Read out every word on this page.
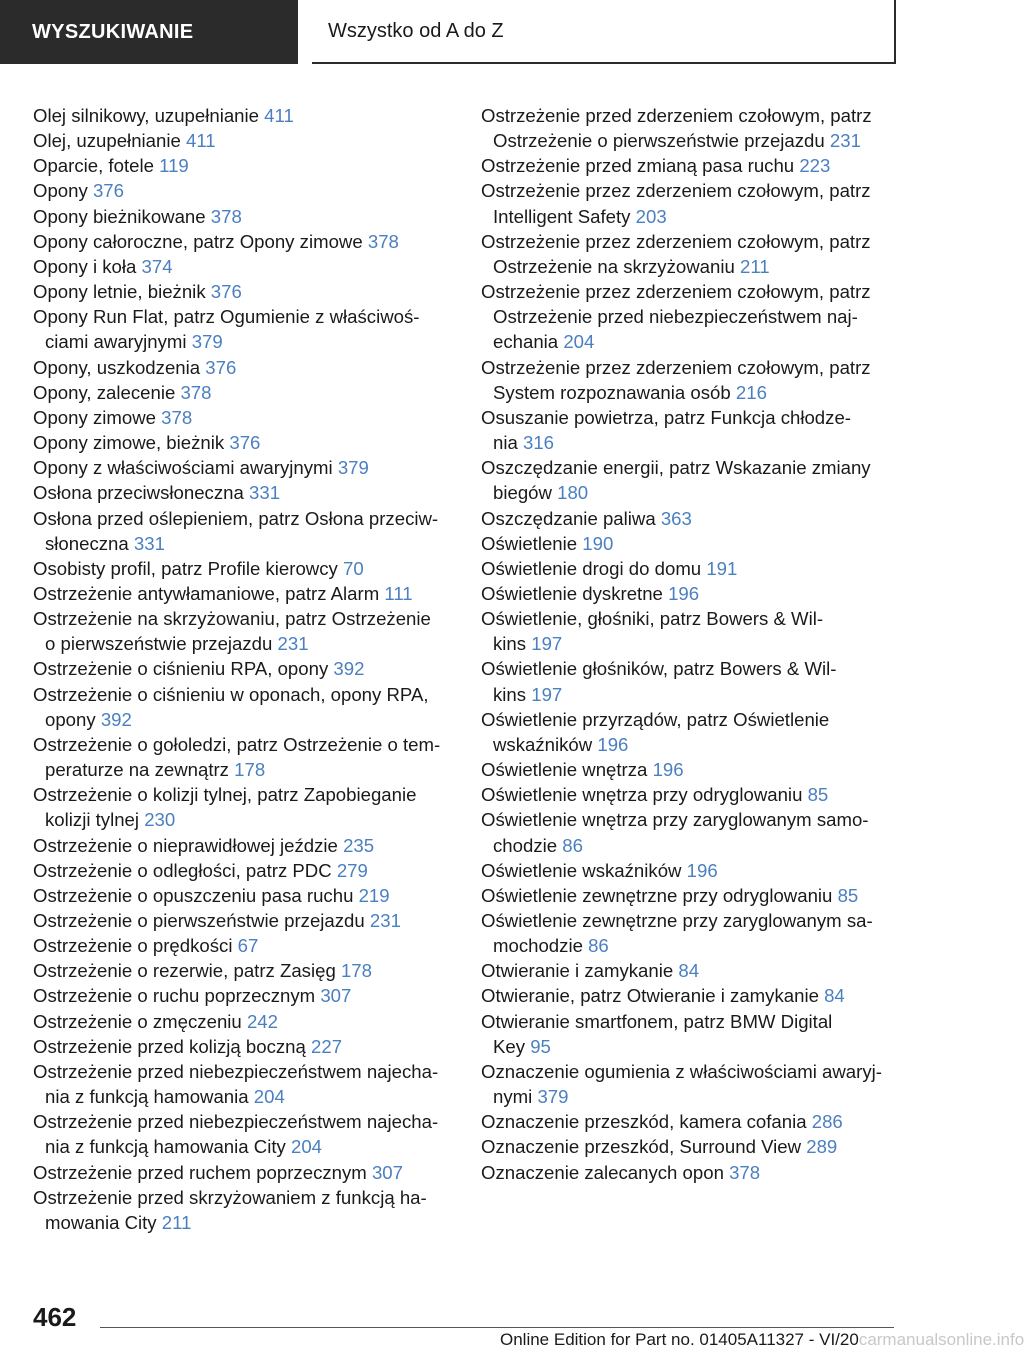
WYSZUKIWANIE	Wszystko od A do Z
Olej silnikowy, uzupełnianie 411
Olej, uzupełnianie 411
Oparcie, fotele 119
Opony 376
Opony bieżnikowane 378
Opony całoroczne, patrz Opony zimowe 378
Opony i koła 374
Opony letnie, bieżnik 376
Opony Run Flat, patrz Ogumienie z właściwoś-
ciami awaryjnymi 379
Opony, uszkodzenia 376
Opony, zalecenie 378
Opony zimowe 378
Opony zimowe, bieżnik 376
Opony z właściwościami awaryjnymi 379
Osłona przeciwsłoneczna 331
Osłona przed oślepieniem, patrz Osłona przeciw-
słoneczna 331
Osobisty profil, patrz Profile kierowcy 70
Ostrzeżenie antywłamaniowe, patrz Alarm 111
Ostrzeżenie na skrzyżowaniu, patrz Ostrzeżenie
o pierwszeństwie przejazdu 231
Ostrzeżenie o ciśnieniu RPA, opony 392
Ostrzeżenie o ciśnieniu w oponach, opony RPA,
opony 392
Ostrzeżenie o gołoledzi, patrz Ostrzeżenie o tem-
peraturze na zewnątrz 178
Ostrzeżenie o kolizji tylnej, patrz Zapobieganie
kolizji tylnej 230
Ostrzeżenie o nieprawidłowej jeździe 235
Ostrzeżenie o odległości, patrz PDC 279
Ostrzeżenie o opuszczeniu pasa ruchu 219
Ostrzeżenie o pierwszeństwie przejazdu 231
Ostrzeżenie o prędkości 67
Ostrzeżenie o rezerwie, patrz Zasięg 178
Ostrzeżenie o ruchu poprzecznym 307
Ostrzeżenie o zmęczeniu 242
Ostrzeżenie przed kolizją boczną 227
Ostrzeżenie przed niebezpieczeństwem najecha-
nia z funkcją hamowania 204
Ostrzeżenie przed niebezpieczeństwem najecha-
nia z funkcją hamowania City 204
Ostrzeżenie przed ruchem poprzecznym 307
Ostrzeżenie przed skrzyżowaniem z funkcją ha-
mowania City 211
Ostrzeżenie przed zderzeniem czołowym, patrz
Ostrzeżenie o pierwszeństwie przejazdu 231
Ostrzeżenie przed zmianą pasa ruchu 223
Ostrzeżenie przez zderzeniem czołowym, patrz
Intelligent Safety 203
Ostrzeżenie przez zderzeniem czołowym, patrz
Ostrzeżenie na skrzyżowaniu 211
Ostrzeżenie przez zderzeniem czołowym, patrz
Ostrzeżenie przed niebezpieczeństwem naj-
echania 204
Ostrzeżenie przez zderzeniem czołowym, patrz
System rozpoznawania osób 216
Osuszanie powietrza, patrz Funkcja chłodze-
nia 316
Oszczędzanie energii, patrz Wskazanie zmiany
biegów 180
Oszczędzanie paliwa 363
Oświetlenie 190
Oświetlenie drogi do domu 191
Oświetlenie dyskretne 196
Oświetlenie, głośniki, patrz Bowers & Wil-
kins 197
Oświetlenie głośników, patrz Bowers & Wil-
kins 197
Oświetlenie przyrządów, patrz Oświetlenie
wskaźników 196
Oświetlenie wnętrza 196
Oświetlenie wnętrza przy odryglowaniu 85
Oświetlenie wnętrza przy zaryglowanym samo-
chodzie 86
Oświetlenie wskaźników 196
Oświetlenie zewnętrzne przy odryglowaniu 85
Oświetlenie zewnętrzne przy zaryglowanym sa-
mochodzie 86
Otwieranie i zamykanie 84
Otwieranie, patrz Otwieranie i zamykanie 84
Otwieranie smartfonem, patrz BMW Digital
Key 95
Oznaczenie ogumienia z właściwościami awaryj-
nymi 379
Oznaczenie przeszkód, kamera cofania 286
Oznaczenie przeszkód, Surround View 289
Oznaczenie zalecanych opon 378
462
Online Edition for Part no. 01405A11327 - VI/20carmanualsonline.info
